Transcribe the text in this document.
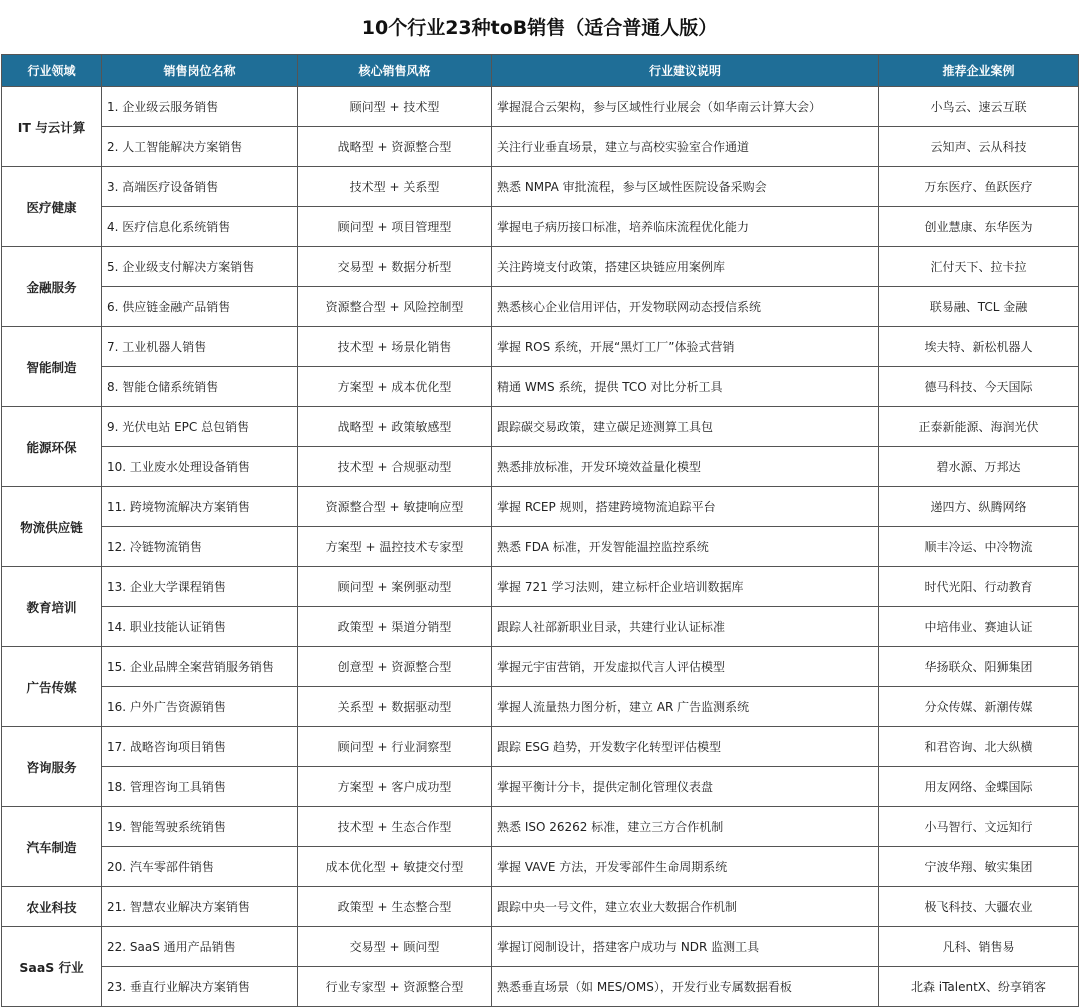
10个行业23种toB销售（适合普通人版）
行业领域	销售岗位名称	核心销售风格	行业建议说明	推荐企业案例
IT 与云计算	1. 企业级云服务销售	顾问型 + 技术型	掌握混合云架构，参与区域性行业展会（如华南云计算大会）	小鸟云、速云互联
	2. 人工智能解决方案销售	战略型 + 资源整合型	关注行业垂直场景，建立与高校实验室合作通道	云知声、云从科技
医疗健康	3. 高端医疗设备销售	技术型 + 关系型	熟悉 NMPA 审批流程，参与区域性医院设备采购会	万东医疗、鱼跃医疗
	4. 医疗信息化系统销售	顾问型 + 项目管理型	掌握电子病历接口标准，培养临床流程优化能力	创业慧康、东华医为
金融服务	5. 企业级支付解决方案销售	交易型 + 数据分析型	关注跨境支付政策，搭建区块链应用案例库	汇付天下、拉卡拉
	6. 供应链金融产品销售	资源整合型 + 风险控制型	熟悉核心企业信用评估，开发物联网动态授信系统	联易融、TCL 金融
智能制造	7. 工业机器人销售	技术型 + 场景化销售	掌握 ROS 系统，开展“黑灯工厂”体验式营销	埃夫特、新松机器人
	8. 智能仓储系统销售	方案型 + 成本优化型	精通 WMS 系统，提供 TCO 对比分析工具	德马科技、今天国际
能源环保	9. 光伏电站 EPC 总包销售	战略型 + 政策敏感型	跟踪碳交易政策，建立碳足迹测算工具包	正泰新能源、海润光伏
	10. 工业废水处理设备销售	技术型 + 合规驱动型	熟悉排放标准，开发环境效益量化模型	碧水源、万邦达
物流供应链	11. 跨境物流解决方案销售	资源整合型 + 敏捷响应型	掌握 RCEP 规则，搭建跨境物流追踪平台	递四方、纵腾网络
	12. 冷链物流销售	方案型 + 温控技术专家型	熟悉 FDA 标准，开发智能温控监控系统	顺丰冷运、中冷物流
教育培训	13. 企业大学课程销售	顾问型 + 案例驱动型	掌握 721 学习法则，建立标杆企业培训数据库	时代光阳、行动教育
	14. 职业技能认证销售	政策型 + 渠道分销型	跟踪人社部新职业目录，共建行业认证标准	中培伟业、赛迪认证
广告传媒	15. 企业品牌全案营销服务销售	创意型 + 资源整合型	掌握元宇宙营销，开发虚拟代言人评估模型	华扬联众、阳狮集团
	16. 户外广告资源销售	关系型 + 数据驱动型	掌握人流量热力图分析，建立 AR 广告监测系统	分众传媒、新潮传媒
咨询服务	17. 战略咨询项目销售	顾问型 + 行业洞察型	跟踪 ESG 趋势，开发数字化转型评估模型	和君咨询、北大纵横
	18. 管理咨询工具销售	方案型 + 客户成功型	掌握平衡计分卡，提供定制化管理仪表盘	用友网络、金蝶国际
汽车制造	19. 智能驾驶系统销售	技术型 + 生态合作型	熟悉 ISO 26262 标准，建立三方合作机制	小马智行、文远知行
	20. 汽车零部件销售	成本优化型 + 敏捷交付型	掌握 VAVE 方法，开发零部件生命周期系统	宁波华翔、敏实集团
农业科技	21. 智慧农业解决方案销售	政策型 + 生态整合型	跟踪中央一号文件，建立农业大数据合作机制	极飞科技、大疆农业
SaaS 行业	22. SaaS 通用产品销售	交易型 + 顾问型	掌握订阅制设计，搭建客户成功与 NDR 监测工具	凡科、销售易
	23. 垂直行业解决方案销售	行业专家型 + 资源整合型	熟悉垂直场景（如 MES/OMS），开发行业专属数据看板	北森 iTalentX、纷享销客
